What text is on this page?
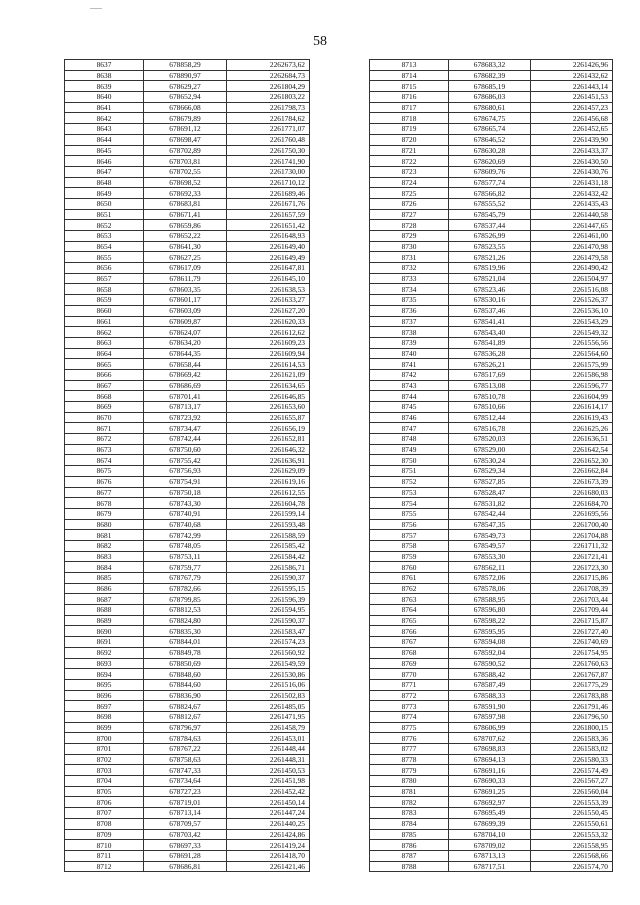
58
8637	678858,29	2262673,62
8638	678890,97	2262684,73
8639	678629,27	2261804,29
8640	678652,94	2261803,22
8641	678666,08	2261798,73
8642	678679,89	2261784,62
8643	678691,12	2261771,07
8644	678698,47	2261760,48
8645	678702,89	2261750,30
8646	678703,81	2261741,90
8647	678702,55	2261730,00
8648	678698,52	2261710,12
8649	678692,33	2261689,46
8650	678683,81	2261671,76
8651	678671,41	2261657,59
8652	678659,86	2261651,42
8653	678652,22	2261648,93
8654	678641,30	2261649,40
8655	678627,25	2261649,49
8656	678617,09	2261647,81
8657	678611,79	2261645,10
8658	678603,35	2261638,53
8659	678601,17	2261633,27
8660	678603,09	2261627,20
8661	678609,87	2261620,33
8662	678624,07	2261612,62
8663	678634,20	2261609,23
8664	678644,35	2261609,94
8665	678658,44	2261614,53
8666	678669,42	2261621,09
8667	678686,69	2261634,65
8668	678701,41	2261646,85
8669	678713,17	2261653,60
8670	678723,92	2261655,87
8671	678734,47	2261656,19
8672	678742,44	2261652,81
8673	678750,60	2261646,32
8674	678755,42	2261636,91
8675	678756,93	2261629,09
8676	678754,91	2261619,16
8677	678750,18	2261612,55
8678	678743,30	2261604,78
8679	678740,91	2261599,14
8680	678740,68	2261593,48
8681	678742,99	2261588,59
8682	678748,05	2261585,42
8683	678753,11	2261584,42
8684	678759,77	2261586,71
8685	678767,79	2261590,37
8686	678782,66	2261595,15
8687	678799,85	2261596,39
8688	678812,53	2261594,95
8689	678824,80	2261590,37
8690	678835,30	2261583,47
8691	678844,01	2261574,23
8692	678849,78	2261560,92
8693	678850,69	2261549,59
8694	678848,60	2261530,86
8695	678844,60	2261516,06
8696	678836,90	2261502,83
8697	678824,67	2261485,05
8698	678812,67	2261471,95
8699	678796,97	2261458,79
8700	678784,63	2261453,01
8701	678767,22	2261448,44
8702	678758,63	2261448,31
8703	678747,33	2261450,53
8704	678734,64	2261451,98
8705	678727,23	2261452,42
8706	678719,01	2261450,14
8707	678713,14	2261447,24
8708	678709,57	2261440,25
8709	678703,42	2261424,86
8710	678697,33	2261419,24
8711	678691,28	2261418,70
8712	678686,81	2261421,46
8713	678683,32	2261426,96
8714	678682,39	2261432,62
8715	678685,19	2261443,14
8716	678686,03	2261451,53
8717	678680,61	2261457,23
8718	678674,75	2261456,68
8719	678665,74	2261452,65
8720	678646,52	2261439,90
8721	678630,28	2261433,37
8722	678620,69	2261430,50
8723	678609,76	2261430,76
8724	678577,74	2261431,18
8725	678566,82	2261432,42
8726	678555,52	2261435,43
8727	678545,79	2261440,58
8728	678537,44	2261447,65
8729	678526,99	2261461,00
8730	678523,55	2261470,98
8731	678521,26	2261479,58
8732	678519,96	2261490,42
8733	678521,04	2261504,97
8734	678523,46	2261516,08
8735	678530,16	2261526,37
8736	678537,46	2261536,10
8737	678541,41	2261543,29
8738	678543,40	2261549,32
8739	678541,89	2261556,56
8740	678536,28	2261564,60
8741	678526,21	2261575,99
8742	678517,69	2261586,98
8743	678513,08	2261596,77
8744	678510,78	2261604,99
8745	678510,66	2261614,17
8746	678512,44	2261619,43
8747	678516,78	2261625,26
8748	678520,03	2261636,51
8749	678529,00	2261642,54
8750	678530,24	2261652,30
8751	678529,34	2261662,84
8752	678527,85	2261673,39
8753	678528,47	2261680,03
8754	678531,82	2261684,70
8755	678542,44	2261695,56
8756	678547,35	2261700,40
8757	678549,73	2261704,88
8758	678549,57	2261711,32
8759	678553,30	2261721,41
8760	678562,11	2261723,30
8761	678572,06	2261715,86
8762	678578,06	2261708,39
8763	678588,95	2261703,44
8764	678596,80	2261709,44
8765	678598,22	2261715,87
8766	678595,95	2261727,40
8767	678594,08	2261740,69
8768	678592,04	2261754,95
8769	678590,52	2261760,63
8770	678588,42	2261767,87
8771	678587,49	2261775,29
8772	678588,33	2261783,88
8773	678591,90	2261791,46
8774	678597,98	2261796,50
8775	678606,99	2261800,15
8776	678707,62	2261583,36
8777	678698,83	2261583,02
8778	678694,13	2261580,33
8779	678691,16	2261574,49
8780	678690,33	2261567,27
8781	678691,25	2261560,04
8782	678692,97	2261553,39
8783	678695,49	2261550,45
8784	678699,39	2261550,61
8785	678704,10	2261553,32
8786	678709,02	2261558,95
8787	678713,13	2261568,66
8788	678717,51	2261574,70
